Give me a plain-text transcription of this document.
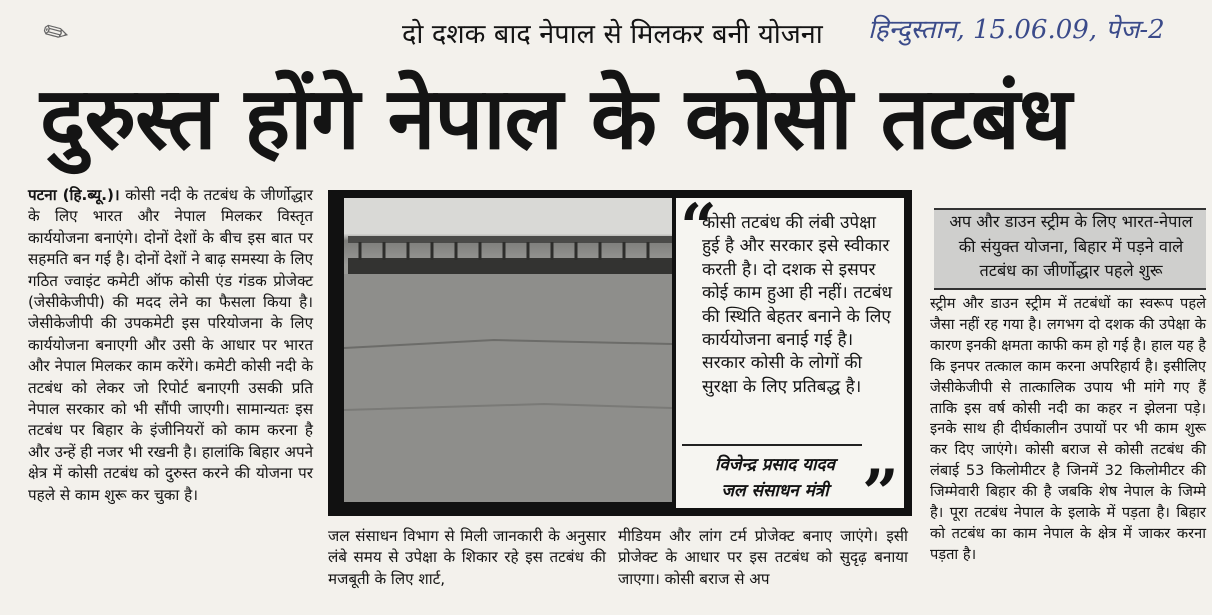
✎	दो दशक बाद नेपाल से मिलकर बनी योजना हिन्दुस्तान, 15.06.09, पेज-2
दुरुस्त होंगे नेपाल के कोसी तटबंध
पटना (हि.ब्यू.)। कोसी नदी के तटबंध के जीर्णोद्धार के लिए भारत और नेपाल मिलकर विस्तृत कार्ययोजना बनाएंगे। दोनों देशों के बीच इस बात पर सहमति बन गई है। दोनों देशों ने बाढ़ समस्या के लिए गठित ज्वाइंट कमेटी ऑफ कोसी एंड गंडक प्रोजेक्ट (जेसीकेजीपी) की मदद लेने का फैसला किया है। जेसीकेजीपी की उपकमेटी इस परियोजना के लिए कार्ययोजना बनाएगी और उसी के आधार पर भारत और नेपाल मिलकर काम करेंगे। कमेटी कोसी नदी के तटबंध को लेकर जो रिपोर्ट बनाएगी उसकी प्रति नेपाल सरकार को भी सौंपी जाएगी। सामान्यतः इस तटबंध पर बिहार के इंजीनियरों को काम करना है और उन्हें ही नजर भी रखनी है। हालांकि बिहार अपने क्षेत्र में कोसी तटबंध को दुरुस्त करने की योजना पर पहले से काम शुरू कर चुका है।
“
कोसी तटबंध की लंबी उपेक्षा हुई है और सरकार इसे स्वीकार करती है। दो दशक से इसपर कोई काम हुआ ही नहीं। तटबंध की स्थिति बेहतर बनाने के लिए कार्ययोजना बनाई गई है। सरकार कोसी के लोगों की सुरक्षा के लिए प्रतिबद्ध है।
विजेन्द्र प्रसाद यादव
जल संसाधन मंत्री ”
अप और डाउन स्ट्रीम के लिए भारत-नेपाल की संयुक्त योजना, बिहार में पड़ने वाले तटबंध का जीर्णोद्धार पहले शुरू
स्ट्रीम और डाउन स्ट्रीम में तटबंधों का स्वरूप पहले जैसा नहीं रह गया है। लगभग दो दशक की उपेक्षा के कारण इनकी क्षमता काफी कम हो गई है। हाल यह है कि इनपर तत्काल काम करना अपरिहार्य है। इसीलिए जेसीकेजीपी से तात्कालिक उपाय भी मांगे गए हैं ताकि इस वर्ष कोसी नदी का कहर न झेलना पड़े। इनके साथ ही दीर्घकालीन उपायों पर भी काम शुरू कर दिए जाएंगे। कोसी बराज से कोसी तटबंध की लंबाई 53 किलोमीटर है जिनमें 32 किलोमीटर की जिम्मेवारी बिहार की है जबकि शेष नेपाल के जिम्मे है। पूरा तटबंध नेपाल के इलाके में पड़ता है। बिहार को तटबंध का काम नेपाल के क्षेत्र में जाकर करना पड़ता है।
जल संसाधन विभाग से मिली जानकारी के अनुसार लंबे समय से उपेक्षा के शिकार रहे इस तटबंध की मजबूती के लिए शार्ट,
मीडियम और लांग टर्म प्रोजेक्ट बनाए जाएंगे। इसी प्रोजेक्ट के आधार पर इस तटबंध को सुदृढ़ बनाया जाएगा। कोसी बराज से अप
